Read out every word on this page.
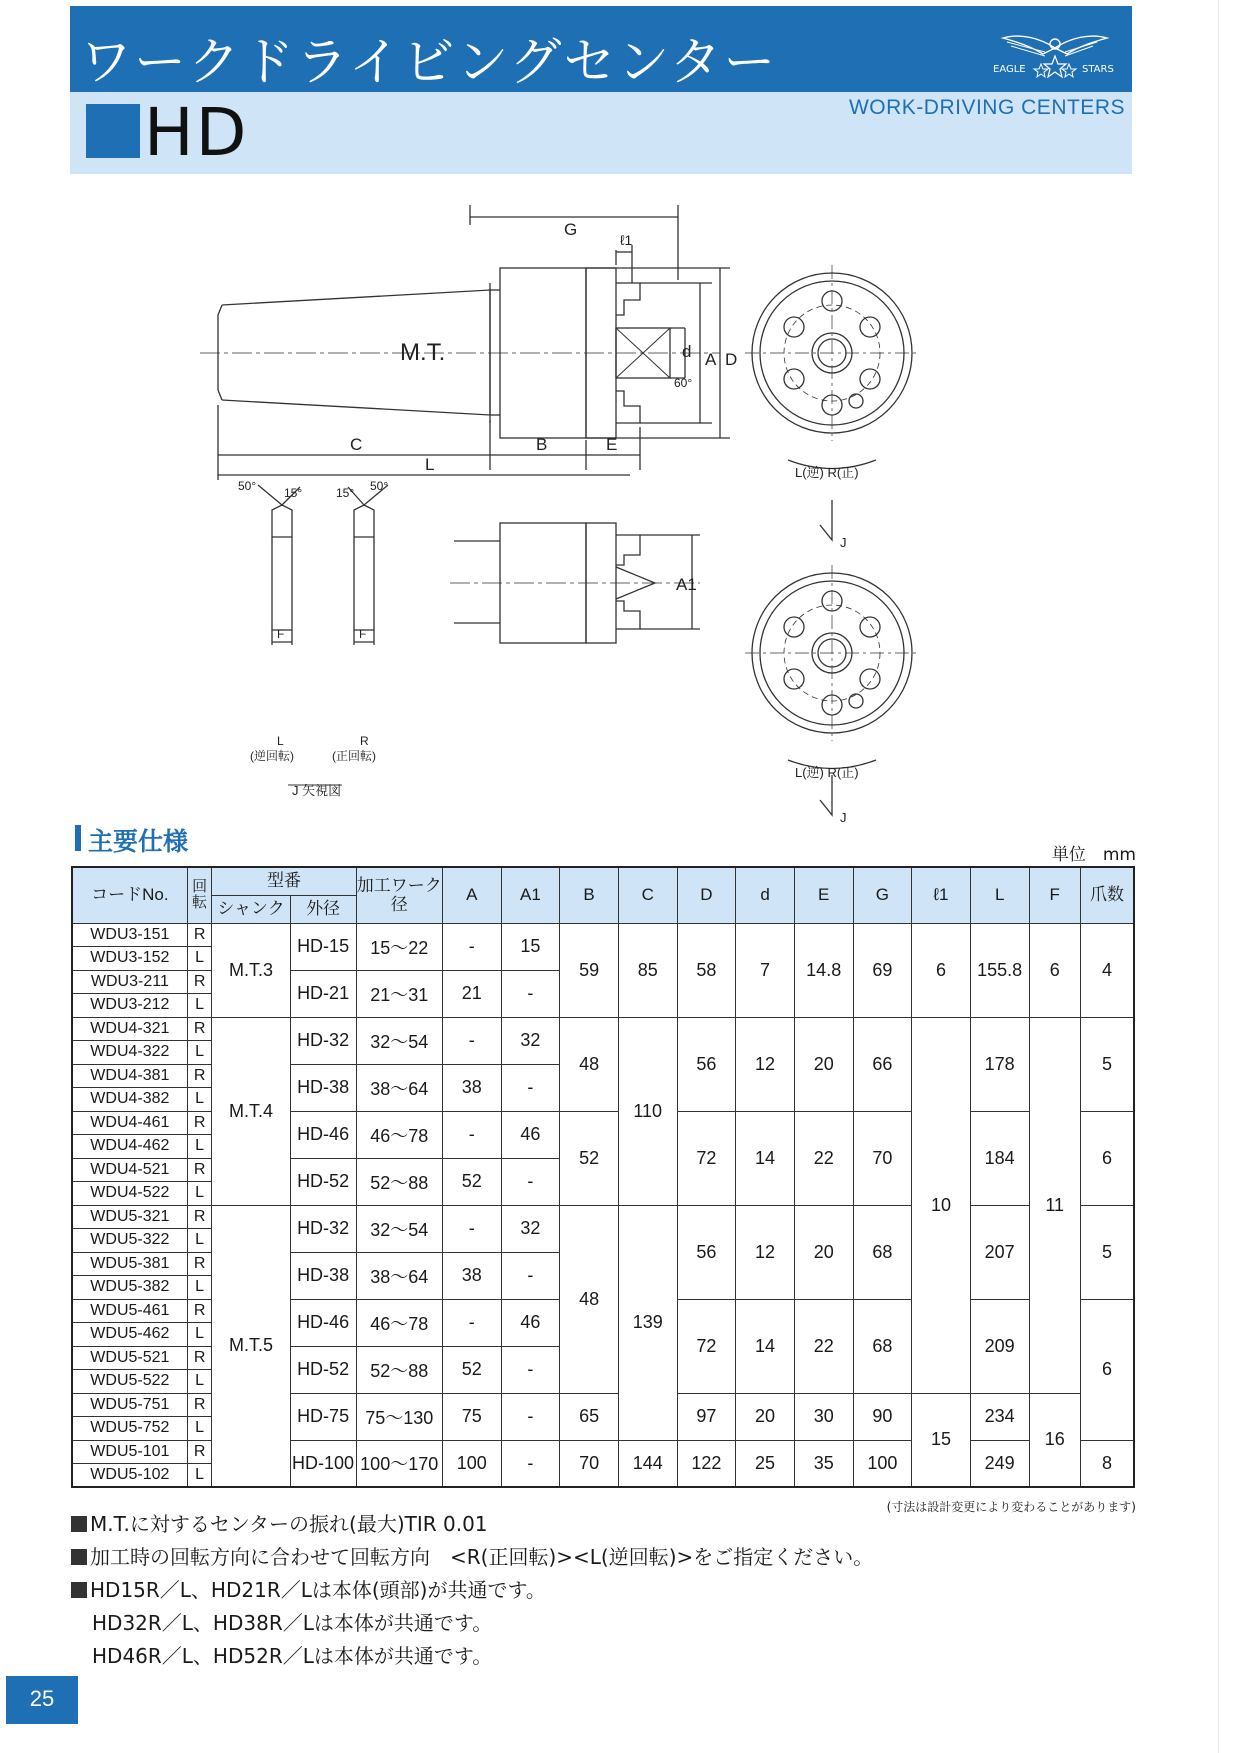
ワークドライビングセンター	EAGLE	STARS
HD	WORK-DRIVING CENTERS
M.T.
G
ℓ1
d
60°
A D
C	B	E
L
A1
L(逆) R(正)
J
L(逆) R(正)
J
50° 15°	15° 50°
F	F
L
(逆回転)
R
(正回転)
J 矢視図
主要仕様	単位　mm
コードNo.	回転	型番		加工ワーク径	A	A1	B	C	D	d	E	G	ℓ1	L	F	爪数
		シャンク	外径													
WDU3-151	R	M.T.3	HD-15	15～22	-	15	59	85	58	7	14.8	69	6	155.8	6	4
WDU3-152	L															
WDU3-211	R		HD-21	21～31	21	-										
WDU3-212	L															
WDU4-321	R	M.T.4	HD-32	32～54	-	32	48	110	56	12	20	66	10	178	11	5
WDU4-322	L															
WDU4-381	R		HD-38	38～64	38	-										
WDU4-382	L															
WDU4-461	R		HD-46	46～78	-	46	52		72	14	22	70		184		6
WDU4-462	L															
WDU4-521	R		HD-52	52～88	52	-										
WDU4-522	L															
WDU5-321	R	M.T.5	HD-32	32～54	-	32	48	139	56	12	20	68		207		5
WDU5-322	L															
WDU5-381	R		HD-38	38～64	38	-										
WDU5-382	L															
WDU5-461	R		HD-46	46～78	-	46			72	14	22	68		209		6
WDU5-462	L															
WDU5-521	R		HD-52	52～88	52	-										
WDU5-522	L															
WDU5-751	R		HD-75	75～130	75	-	65		97	20	30	90	15	234	16	
WDU5-752	L															
WDU5-101	R		HD-100	100～170	100	-	70	144	122	25	35	100		249		8
WDU5-102	L															
(寸法は設計変更により変わることがあります)
M.T.に対するセンターの振れ(最大)TIR 0.01
加工時の回転方向に合わせて回転方向　<R(正回転)><L(逆回転)>をご指定ください。
HD15R／L、HD21R／Lは本体(頭部)が共通です。
HD32R／L、HD38R／Lは本体が共通です。
HD46R／L、HD52R／Lは本体が共通です。
25
